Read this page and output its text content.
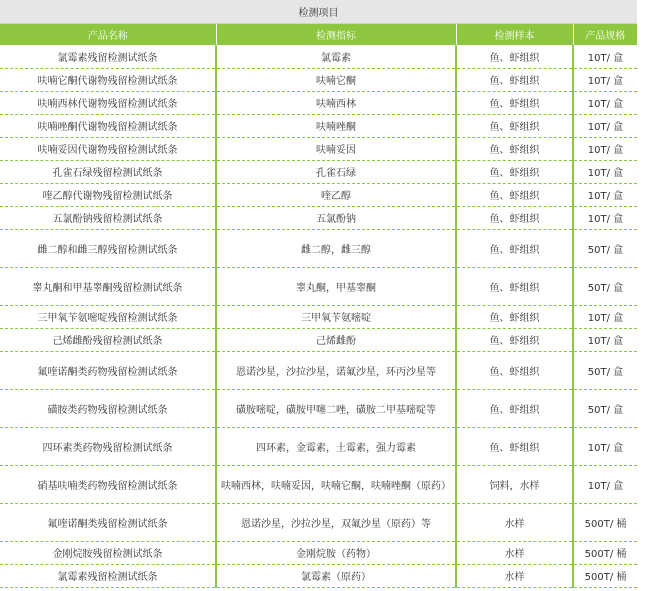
检测项目			
产品名称	检测指标	检测样本	产品规格
氯霉素残留检测试纸条	氯霉素	鱼、虾组织	10T/ 盒
呋喃它酮代谢物残留检测试纸条	呋喃它酮	鱼、虾组织	10T/ 盒
呋喃西林代谢物残留检测试纸条	呋喃西林	鱼、虾组织	10T/ 盒
呋喃唑酮代谢物残留检测试纸条	呋喃唑酮	鱼、虾组织	10T/ 盒
呋喃妥因代谢物残留检测试纸条	呋喃妥因	鱼、虾组织	10T/ 盒
孔雀石绿残留检测试纸条	孔雀石绿	鱼、虾组织	10T/ 盒
喹乙醇代谢物残留检测试纸条	喹乙醇	鱼、虾组织	10T/ 盒
五氯酚钠残留检测试纸条	五氯酚钠	鱼、虾组织	10T/ 盒
雌二醇和雌三醇残留检测试纸条	雌二醇，雌三醇	鱼、虾组织	50T/ 盒
睾丸酮和甲基睾酮残留检测试纸条	睾丸酮，甲基睾酮	鱼、虾组织	50T/ 盒
三甲氧苄氨嘧啶残留检测试纸条	三甲氧苄氨嘧啶	鱼、虾组织	10T/ 盒
己烯雌酚残留检测试纸条	己烯雌酚	鱼、虾组织	10T/ 盒
氟喹诺酮类药物残留检测试纸条	恩诺沙星，沙拉沙星，诺氟沙星，环丙沙星等	鱼、虾组织	50T/ 盒
磺胺类药物残留检测试纸条	磺胺嘧啶，磺胺甲噻二唑，磺胺二甲基嘧啶等	鱼、虾组织	50T/ 盒
四环素类药物残留检测试纸条	四环素，金霉素，土霉素，强力霉素	鱼、虾组织	10T/ 盒
硝基呋喃类药物残留检测试纸条	呋喃西林，呋喃妥因，呋喃它酮，呋喃唑酮（原药）	饲料，水样	10T/ 盒
氟喹诺酮类残留检测试纸条	恩诺沙星，沙拉沙星，双氟沙星（原药）等	水样	500T/ 桶
金刚烷胺残留检测试纸条	金刚烷胺（药物）	水样	500T/ 桶
氯霉素残留检测试纸条	氯霉素（原药）	水样	500T/ 桶
